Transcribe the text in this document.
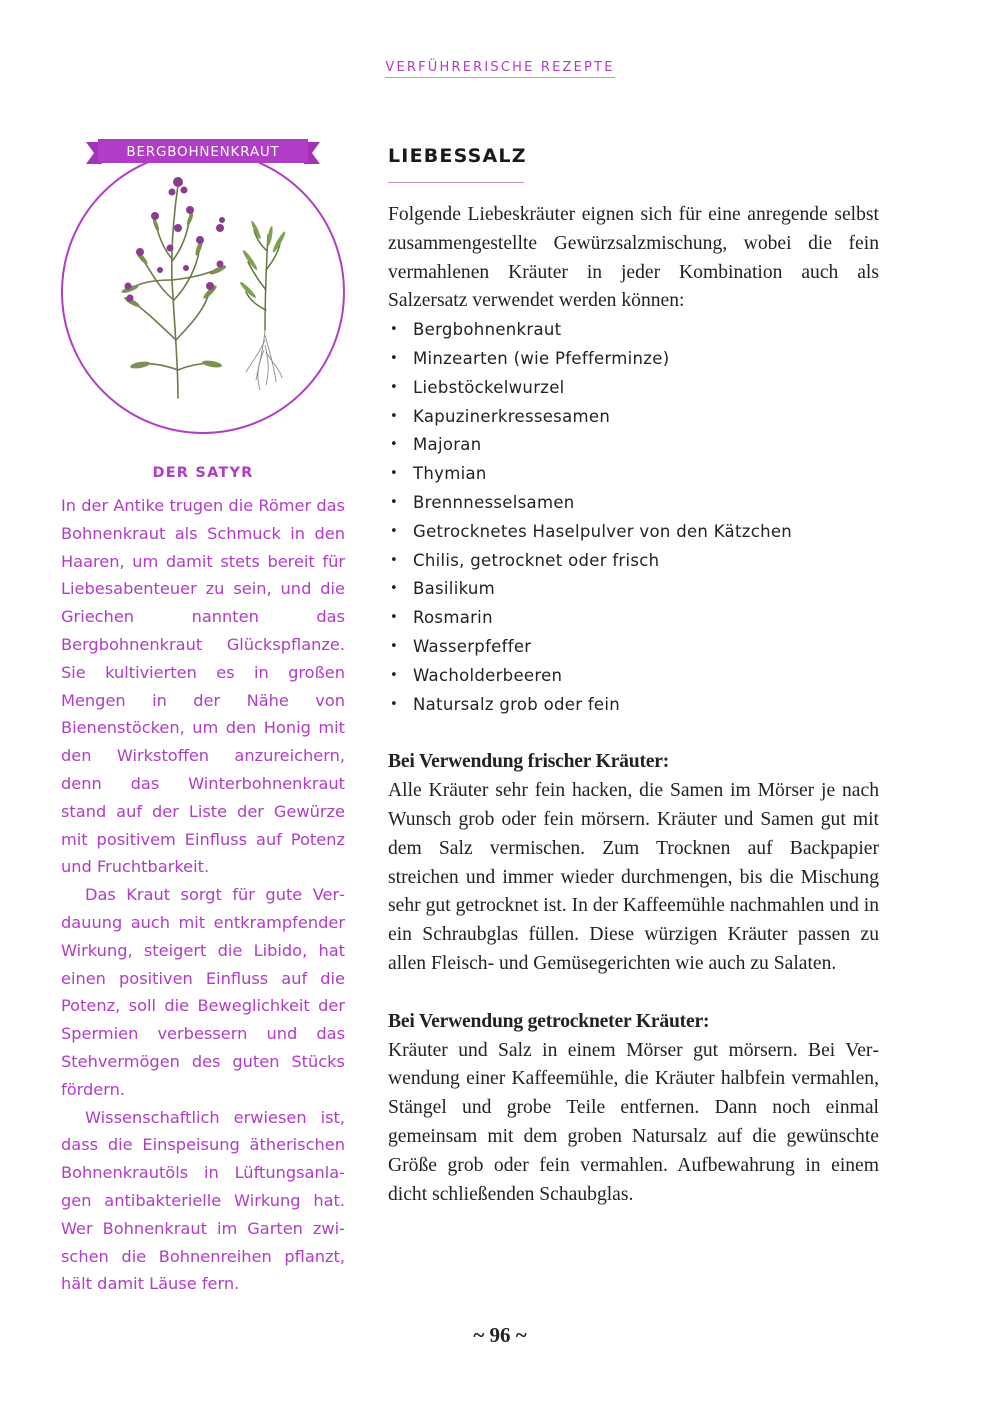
VERFÜHRERISCHE REZEPTE
BERGBOHNENKRAUT
DER SATYR

In der Antike trugen die Römer das Bohnenkraut als Schmuck in den Haaren, um damit stets bereit für Liebesabenteuer zu sein, und die Griechen nannten das Bergbohnenkraut Glückspflanze. Sie kultivierten es in großen Mengen in der Nähe von Bienenstöcken, um den Honig mit den Wirkstoffen anzureichern, denn das Winterbohnenkraut stand auf der Liste der Gewürze mit positivem Einfluss auf Potenz und Fruchtbarkeit.

Das Kraut sorgt für gute Verdauung auch mit entkrampfender Wirkung, steigert die Libido, hat einen positiven Einfluss auf die Potenz, soll die Beweglichkeit der Spermien verbessern und das Stehvermögen des guten Stücks fördern.

Wissenschaftlich erwiesen ist, dass die Einspeisung ätherischen Bohnenkrautöls in Lüftungsanlagen antibakterielle Wirkung hat. Wer Bohnenkraut im Garten zwischen die Bohnenreihen pflanzt, hält damit Läuse fern.

LIEBESSALZ

Folgende Liebeskräuter eignen sich für eine anregende selbst zusammengestellte Gewürzsalzmischung, wobei die fein vermahlenen Kräuter in jeder Kombination auch als Salzersatz verwendet werden können:

• Bergbohnenkraut
• Minzearten (wie Pfefferminze)
• Liebstöckelwurzel
• Kapuzinerkressesamen
• Majoran
• Thymian
• Brennnesselsamen
• Getrocknetes Haselpulver von den Kätzchen
• Chilis, getrocknet oder frisch
• Basilikum
• Rosmarin
• Wasserpfeffer
• Wacholderbeeren
• Natursalz grob oder fein

Bei Verwendung frischer Kräuter:

Alle Kräuter sehr fein hacken, die Samen im Mörser je nach Wunsch grob oder fein mörsern. Kräuter und Samen gut mit dem Salz vermischen. Zum Trocknen auf Backpapier streichen und immer wieder durchmengen, bis die Mischung sehr gut getrocknet ist. In der Kaffeemühle nachmahlen und in ein Schraubglas füllen. Diese würzigen Kräuter passen zu allen Fleisch- und Gemüsegerichten wie auch zu Salaten.

Bei Verwendung getrockneter Kräuter:

Kräuter und Salz in einem Mörser gut mörsern. Bei Verwendung einer Kaffeemühle, die Kräuter halbfein vermahlen, Stängel und grobe Teile entfernen. Dann noch einmal gemeinsam mit dem groben Natursalz auf die gewünschte Größe grob oder fein vermahlen. Aufbewahrung in einem dicht schließenden Schaubglas.

~ 96 ~
